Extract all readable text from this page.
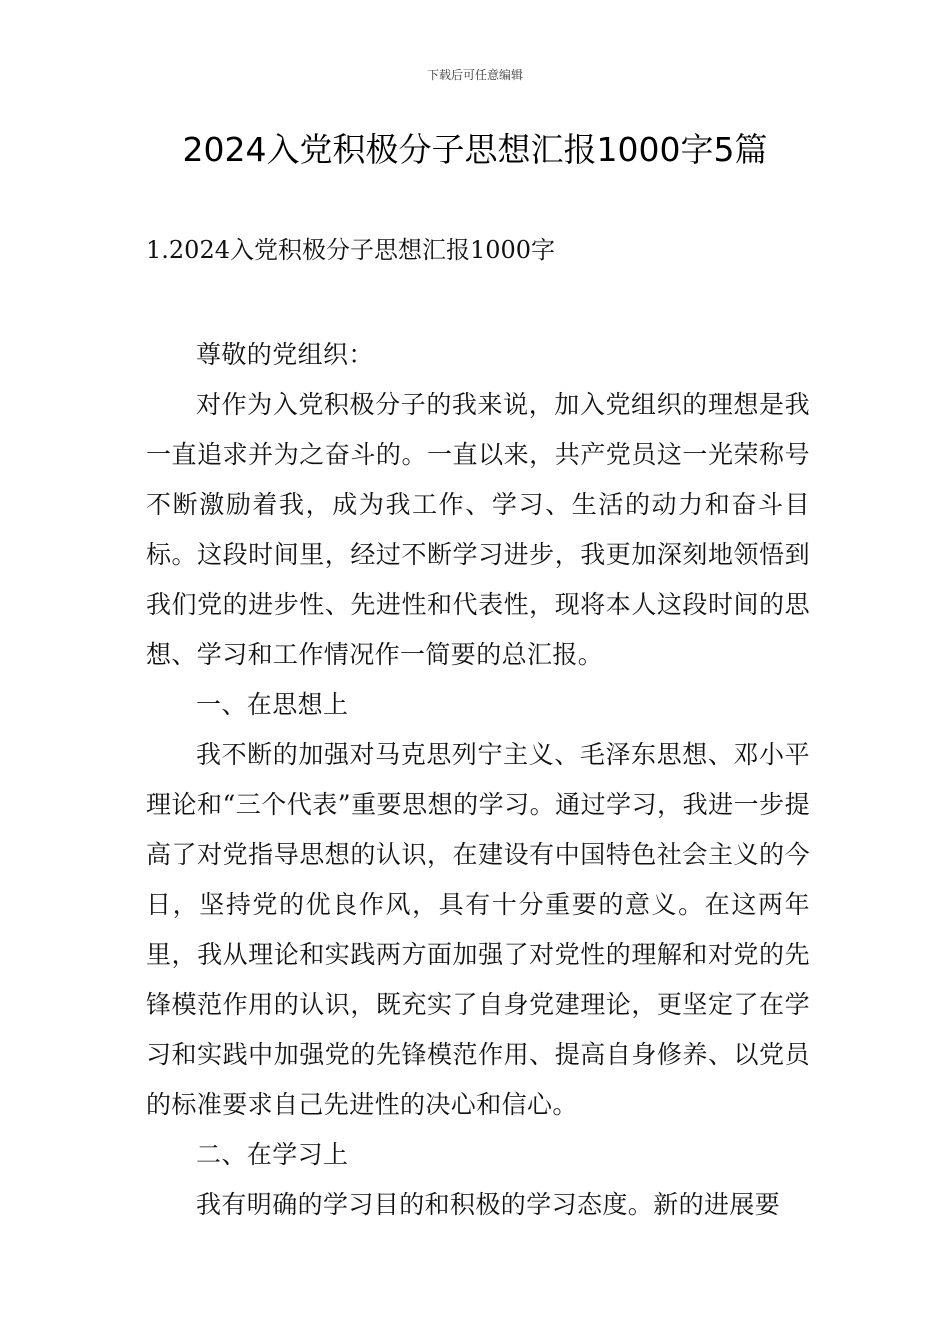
下载后可任意编辑
2024入党积极分子思想汇报1000字5篇
1.2024入党积极分子思想汇报1000字

尊敬的党组织：

对作为入党积极分子的我来说，加入党组织的理想是我一直追求并为之奋斗的。一直以来，共产党员这一光荣称号不断激励着我，成为我工作、学习、生活的动力和奋斗目标。这段时间里，经过不断学习进步，我更加深刻地领悟到我们党的进步性、先进性和代表性，现将本人这段时间的思想、学习和工作情况作一简要的总汇报。

一、在思想上

我不断的加强对马克思列宁主义、毛泽东思想、邓小平理论和“三个代表”重要思想的学习。通过学习，我进一步提高了对党指导思想的认识，在建设有中国特色社会主义的今日，坚持党的优良作风，具有十分重要的意义。在这两年里，我从理论和实践两方面加强了对党性的理解和对党的先锋模范作用的认识，既充实了自身党建理论，更坚定了在学习和实践中加强党的先锋模范作用、提高自身修养、以党员的标准要求自己先进性的决心和信心。

二、在学习上

我有明确的学习目的和积极的学习态度。新的进展要
